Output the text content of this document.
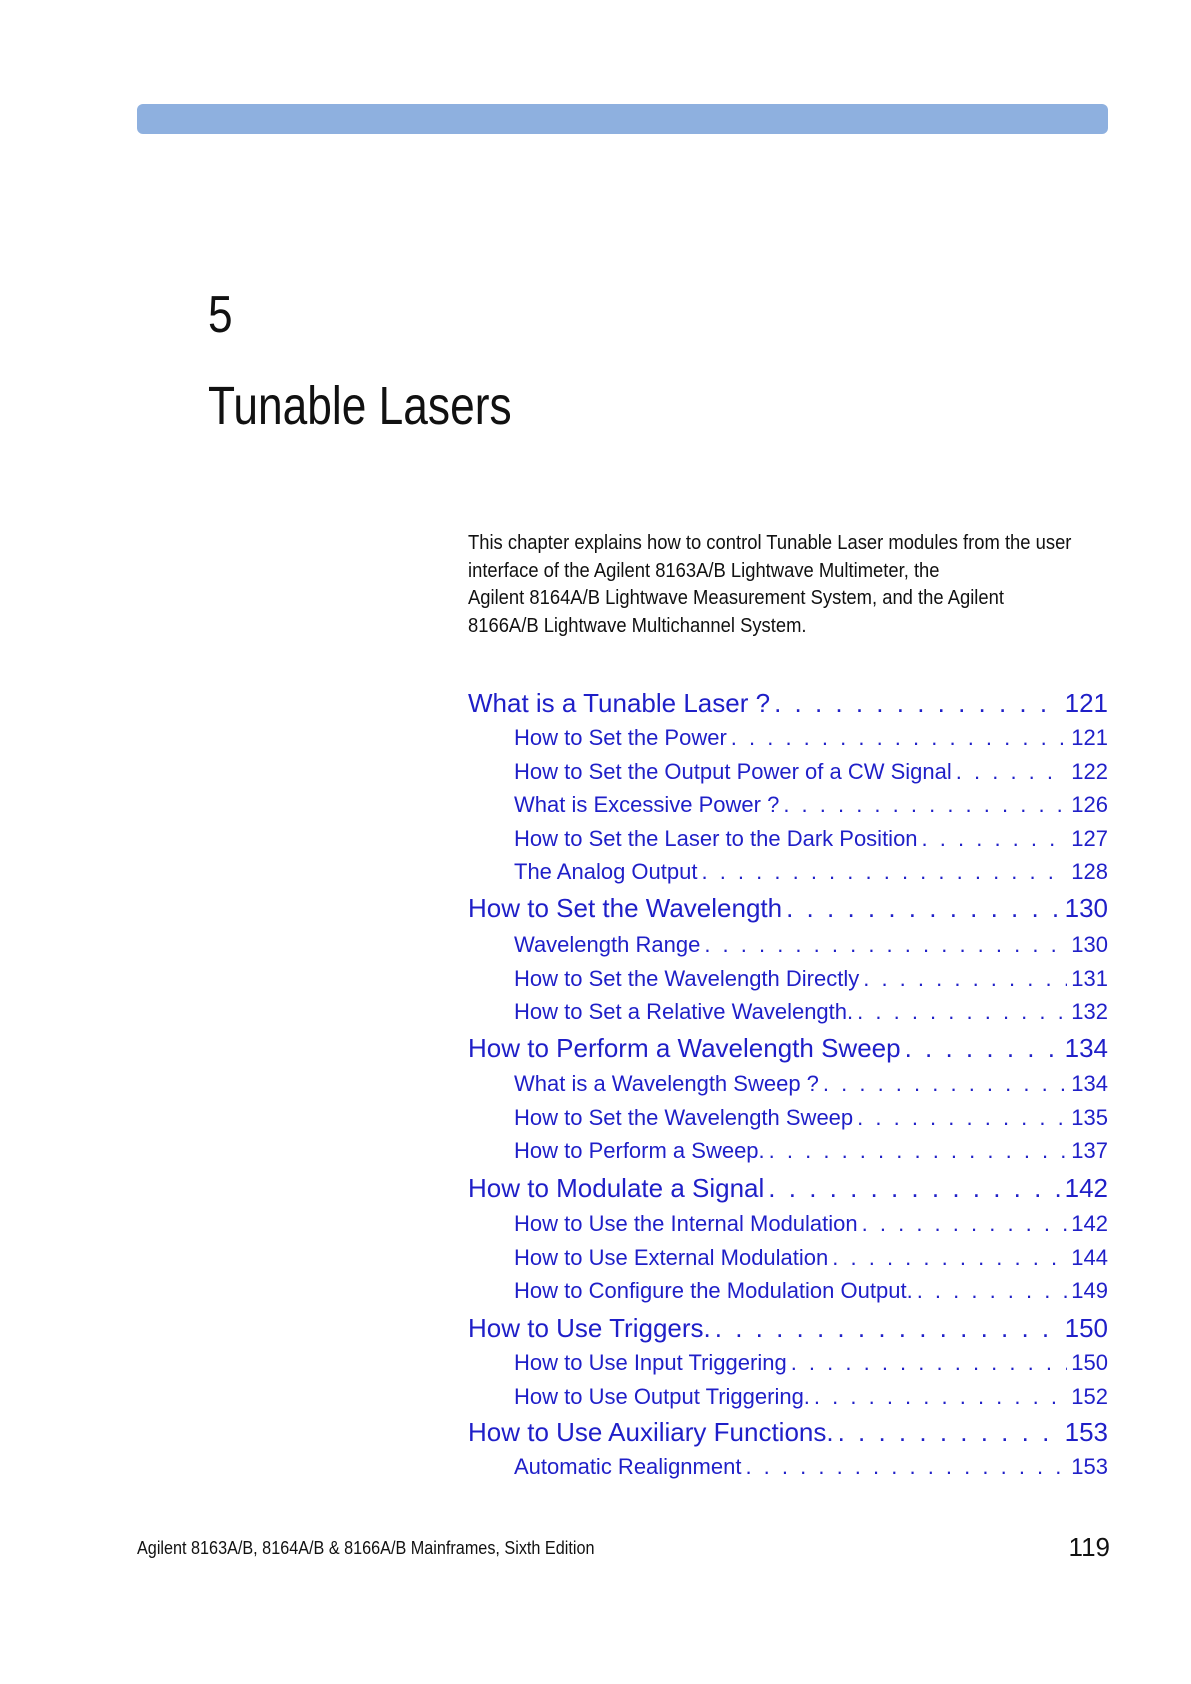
5
Tunable Lasers
This chapter explains how to control Tunable Laser modules from the user
interface of the Agilent 8163A/B Lightwave Multimeter, the
Agilent 8164A/B Lightwave Measurement System, and the Agilent
8166A/B Lightwave Multichannel System.
What is a Tunable Laser ? . . .	121
How to Set the Power . . .	121
How to Set the Output Power of a CW Signal . . .	122
What is Excessive Power ? . . .	126
How to Set the Laser to the Dark Position . . .	127
The Analog Output . . .	128
How to Set the Wavelength . . .	130
Wavelength Range . . .	130
How to Set the Wavelength Directly . . .	131
How to Set a Relative Wavelength. . . .	132
How to Perform a Wavelength Sweep . . .	134
What is a Wavelength Sweep ? . . .	134
How to Set the Wavelength Sweep . . .	135
How to Perform a Sweep. . . .	137
How to Modulate a Signal . . .	142
How to Use the Internal Modulation . . .	142
How to Use External Modulation . . .	144
How to Configure the Modulation Output. . . .	149
How to Use Triggers. . . .	150
How to Use Input Triggering . . .	150
How to Use Output Triggering. . . .	152
How to Use Auxiliary Functions. . . .	153
Automatic Realignment . . .	153
Agilent 8163A/B, 8164A/B & 8166A/B Mainframes, Sixth Edition	119
